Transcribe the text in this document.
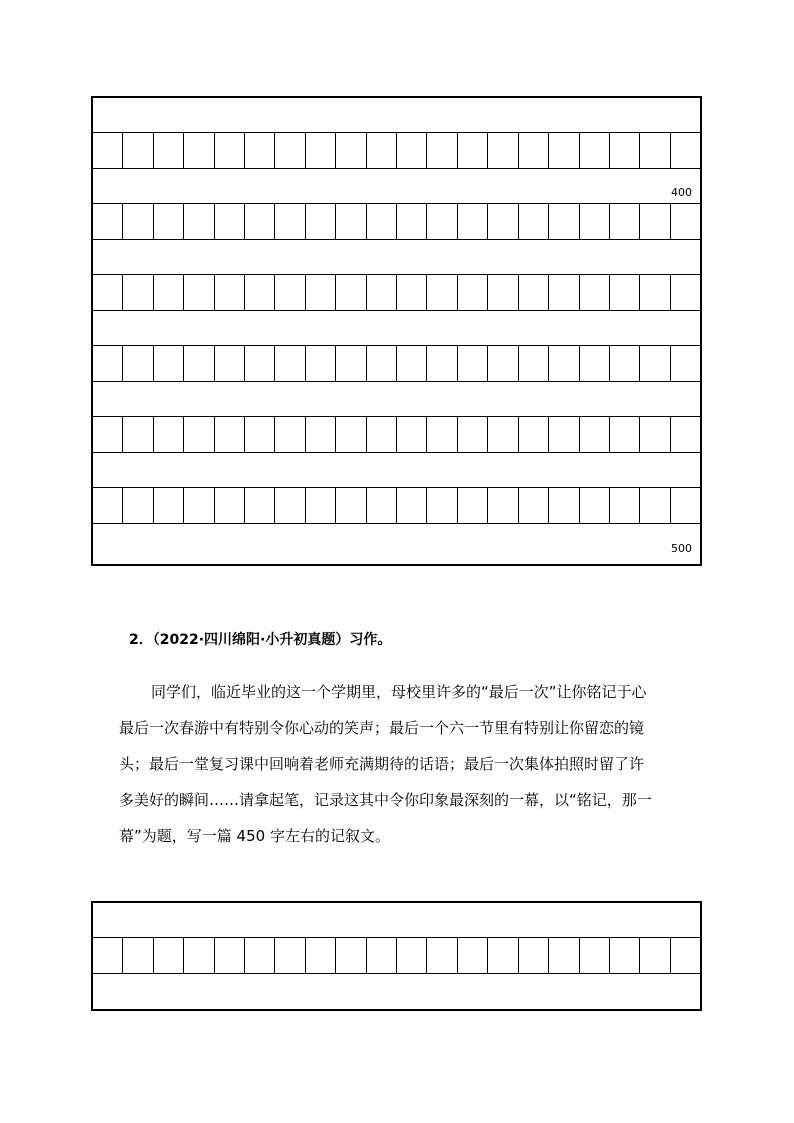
400
500
2．（2022·四川绵阳·小升初真题）习作。
同学们，临近毕业的这一个学期里，母校里许多的“最后一次”让你铭记于心
最后一次春游中有特别令你心动的笑声；最后一个六一节里有特别让你留恋的镜
头；最后一堂复习课中回响着老师充满期待的话语；最后一次集体拍照时留了许
多美好的瞬间……请拿起笔，记录这其中令你印象最深刻的一幕，以“铭记，那一
幕”为题，写一篇 450 字左右的记叙文。
